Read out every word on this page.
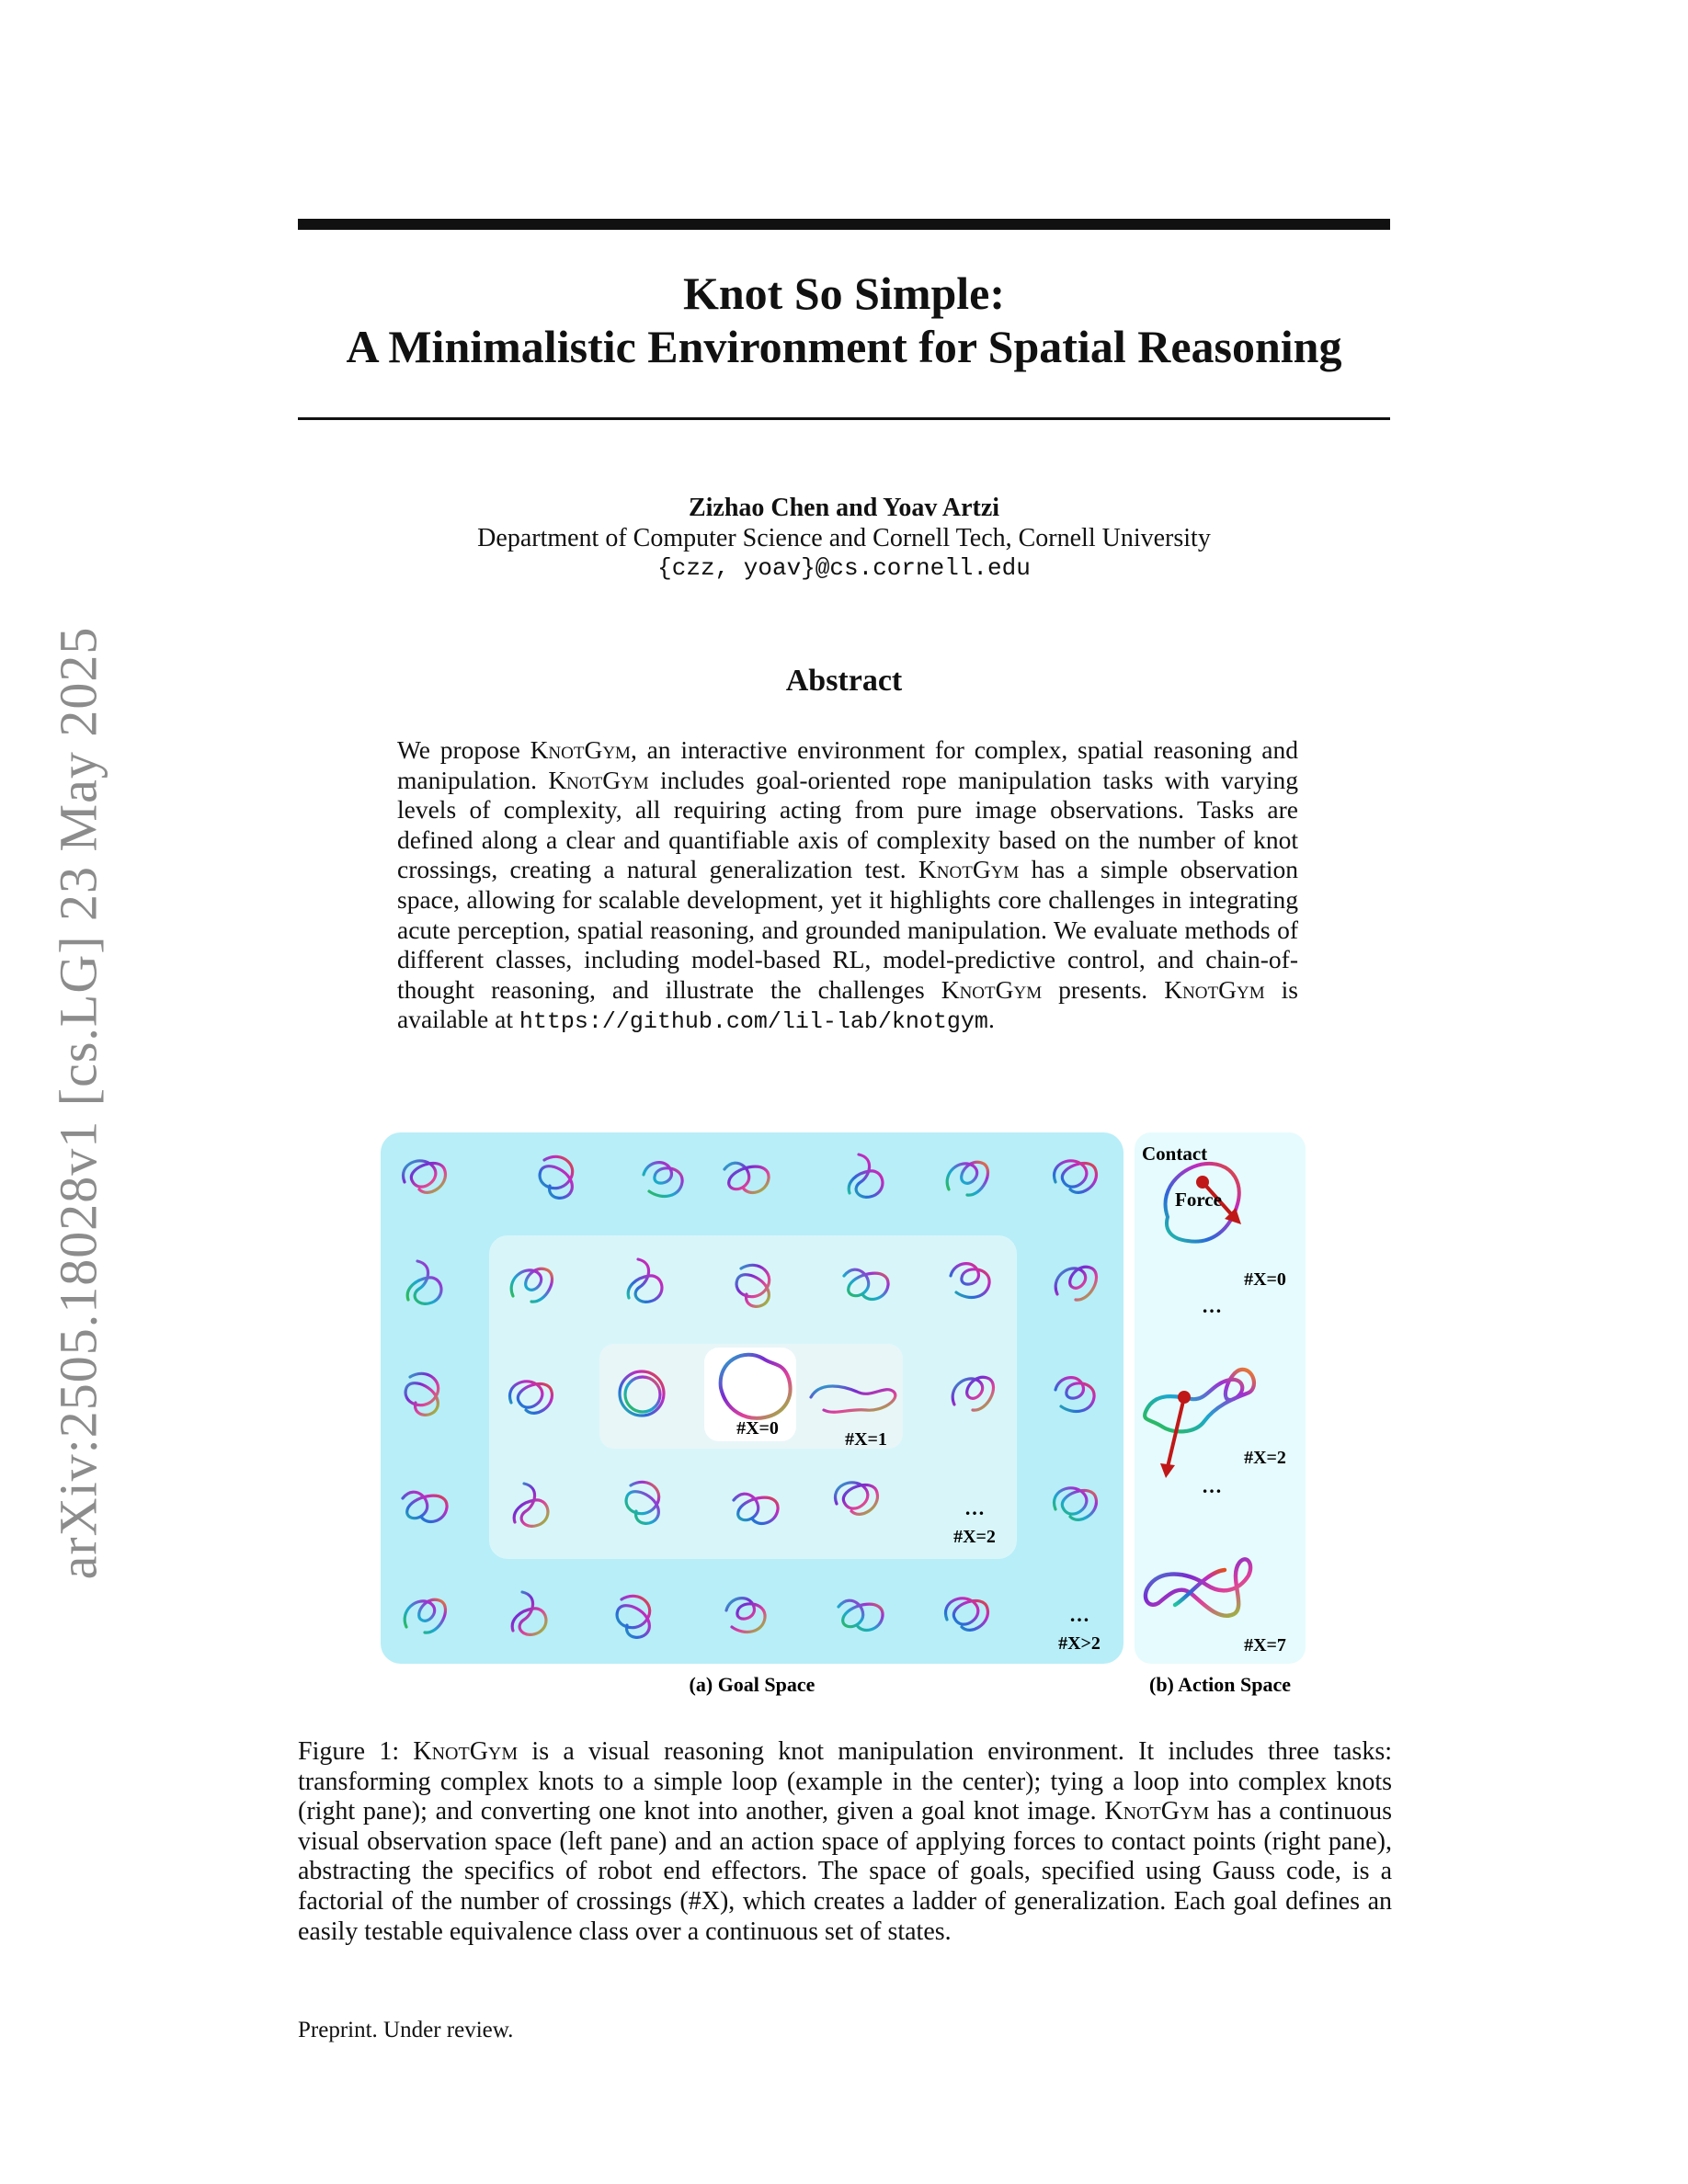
arXiv:2505.18028v1 [cs.LG] 23 May 2025
Knot So Simple:
A Minimalistic Environment for Spatial Reasoning
Zizhao Chen and Yoav Artzi
Department of Computer Science and Cornell Tech, Cornell University
{czz, yoav}@cs.cornell.edu
Abstract
We propose KnotGym, an interactive environment for complex, spatial reasoning and manipulation. KnotGym includes goal-oriented rope manipulation tasks with varying levels of complexity, all requiring acting from pure image observations. Tasks are defined along a clear and quantifiable axis of complexity based on the number of knot crossings, creating a natural generalization test. KnotGym has a simple observation space, allowing for scalable development, yet it highlights core challenges in integrating acute perception, spatial reasoning, and grounded manipulation. We evaluate methods of different classes, including model-based RL, model-predictive control, and chain-of-thought reasoning, and illustrate the challenges KnotGym presents. KnotGym is available at https://github.com/lil-lab/knotgym.
#X=0
#X=1
…
#X=2
…
#X>2
Contact
Force
#X=0
…
#X=2
…
#X=7
(a) Goal Space	(b) Action Space
Figure 1: KnotGym is a visual reasoning knot manipulation environment. It includes three tasks: transforming complex knots to a simple loop (example in the center); tying a loop into complex knots (right pane); and converting one knot into another, given a goal knot image. KnotGym has a continuous visual observation space (left pane) and an action space of applying forces to contact points (right pane), abstracting the specifics of robot end effectors. The space of goals, specified using Gauss code, is a factorial of the number of crossings (#X), which creates a ladder of generalization. Each goal defines an easily testable equivalence class over a continuous set of states.
Preprint. Under review.
